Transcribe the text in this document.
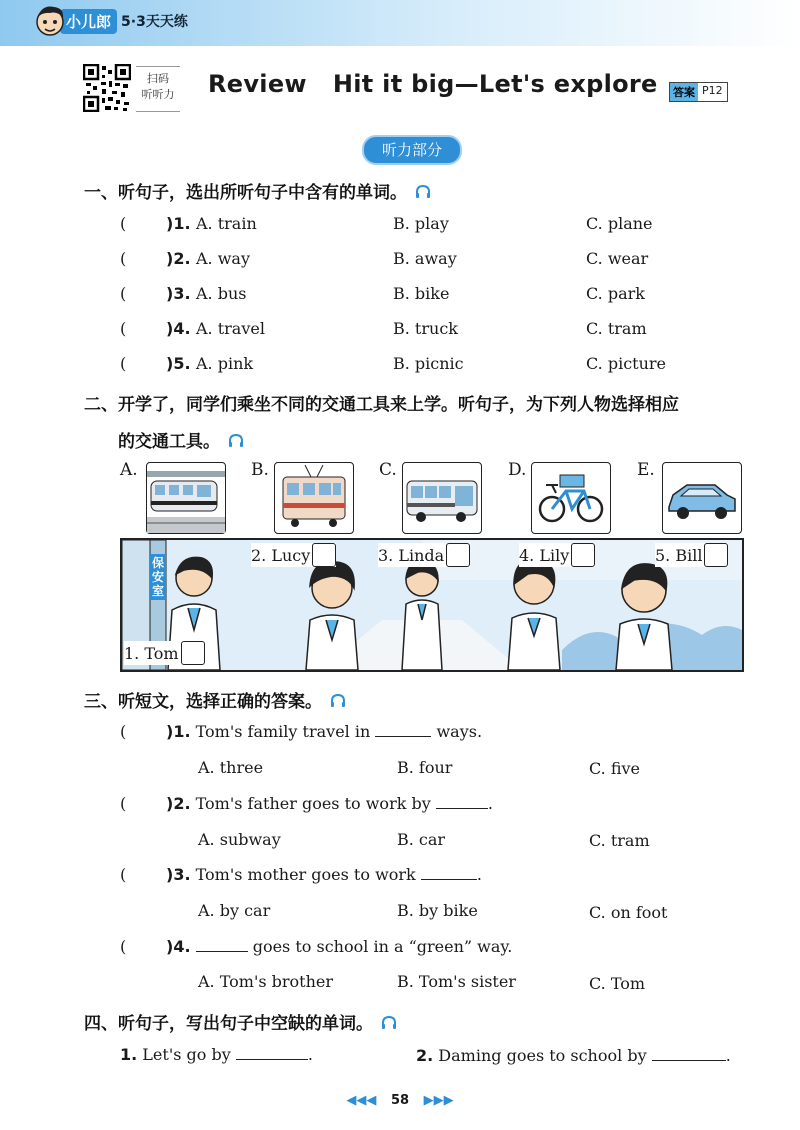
小儿郎 5·3天天练
扫码
听听力 Review   Hit it big—Let's explore 答案 P12
听力部分
一、听句子，选出所听句子中含有的单词。
( )1. A. train	B. play	C. plane
( )2. A. way	B. away	C. wear
( )3. A. bus	B. bike	C. park
( )4. A. travel	B. truck	C. tram
( )5. A. pink	B. picnic	C. picture
二、开学了，同学们乘坐不同的交通工具来上学。听句子，为下列人物选择相应
的交通工具。
A.	B.	C.	D.	E.
保安室
1. Tom
2. Lucy	3. Linda	4. Lily	5. Bill
三、听短文，选择正确的答案。
( )1. Tom's family travel in	ways.
A. three	B. four	C. five
( )2. Tom's father goes to work by	.
A. subway	B. car	C. tram
( )3. Tom's mother goes to work	.
A. by car	B. by bike	C. on foot
( )4.	goes to school in a “green” way.
A. Tom's brother	B. Tom's sister	C. Tom
四、听句子，写出句子中空缺的单词。
1. Let's go by	.	2. Daming goes to school by	.
◀◀◀ 58 ▶▶▶
